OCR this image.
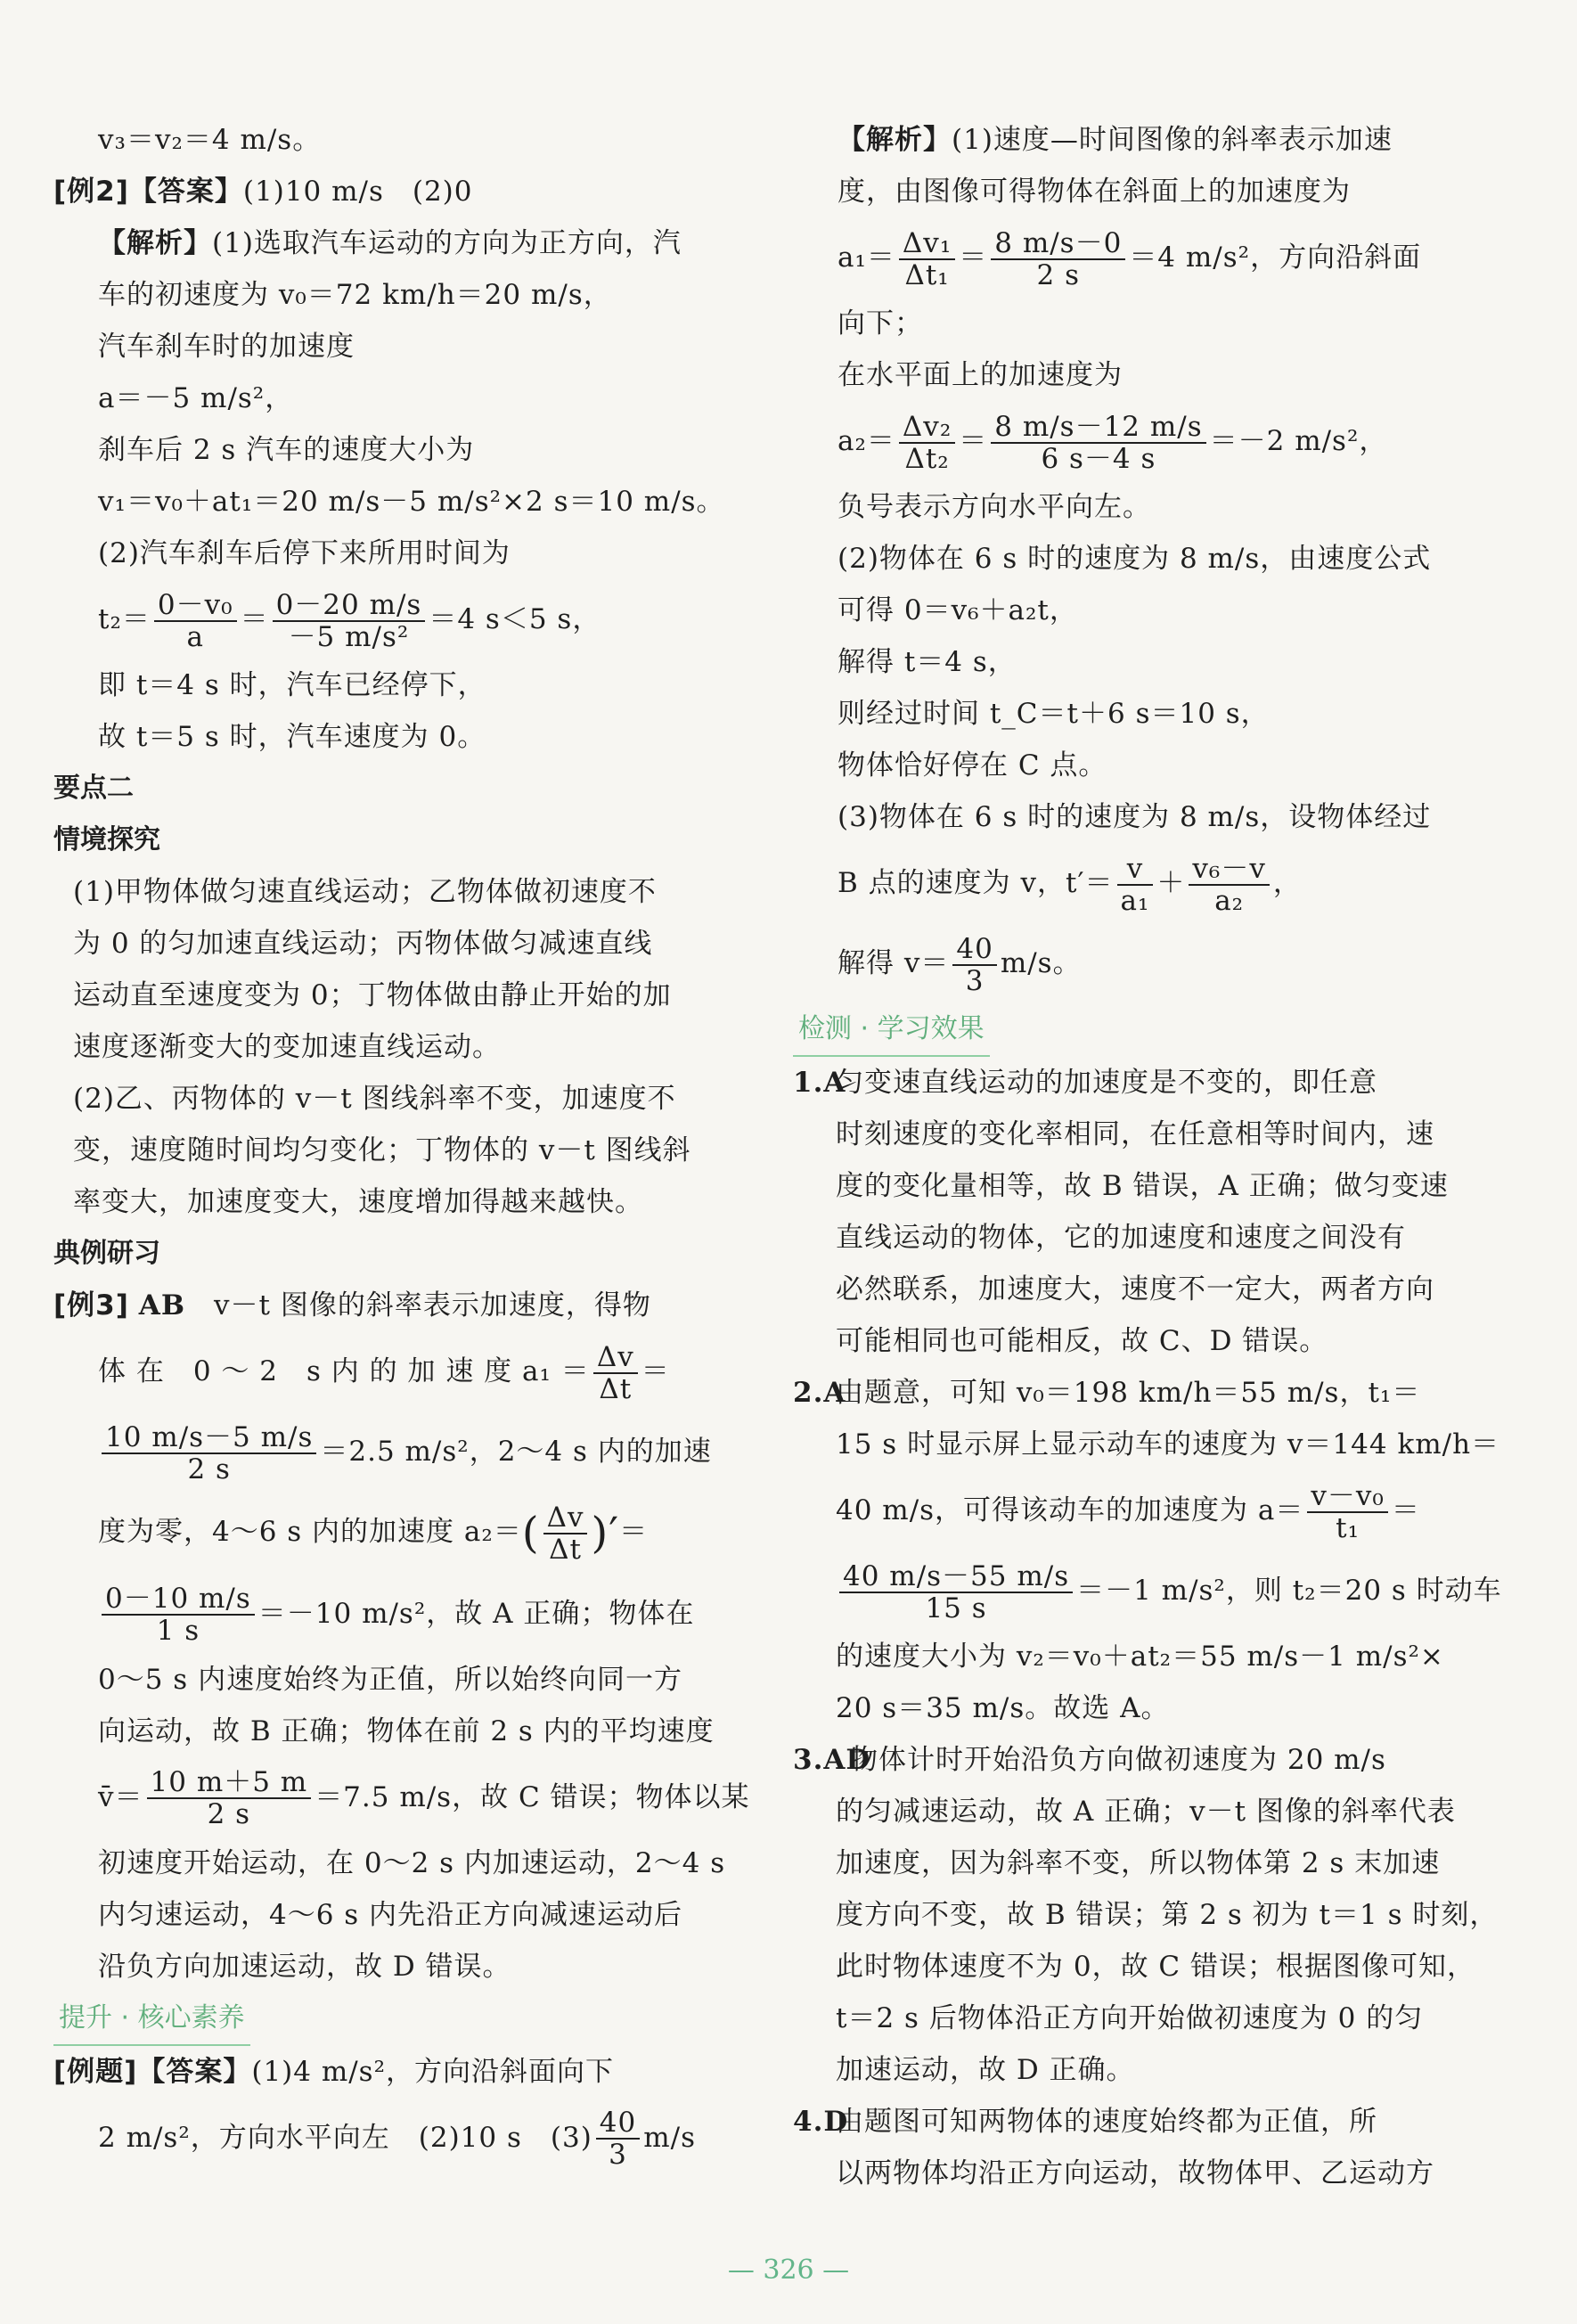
v₃＝v₂＝4 m/s。
[例2]【答案】(1)10 m/s　(2)0
【解析】(1)选取汽车运动的方向为正方向，汽
车的初速度为 v₀＝72 km/h＝20 m/s，
汽车刹车时的加速度
a＝－5 m/s²，
刹车后 2 s 汽车的速度大小为
v₁＝v₀＋at₁＝20 m/s－5 m/s²×2 s＝10 m/s。
(2)汽车刹车后停下来所用时间为
$t_2= \frac{\text{0－v₀}}{a} = \frac{0-20 m/s}{\text{－5 m/s²}} =4$ s＜5 s，
即 t＝4 s 时，汽车已经停下，
故 t＝5 s 时，汽车速度为 0。
要点二
情境探究
(1)甲物体做匀速直线运动；乙物体做初速度不
为 0 的匀加速直线运动；丙物体做匀减速直线
运动直至速度变为 0；丁物体做由静止开始的加
速度逐渐变大的变加速直线运动。
(2)乙、丙物体的 v－t 图线斜率不变，加速度不
变，速度随时间均匀变化；丁物体的 v－t 图线斜
率变大，加速度变大，速度增加得越来越快。
典例研习
[例3] AB　 v－t 图像的斜率表示加速度，得物
体 在　0 ～ 2　s 内 的 加 速 度 $a_1 = \frac{\Delta v}{\Delta t}$ ＝
$\frac{10 m/s-5 m/s}{2 s} =2.5$ m/s²，2～4 s 内的加速
度为零，4～6 s 内的加速度 $a_2=( \frac{\Delta v}{\Delta t}$ )′＝
$\frac{0-10 m/s}{1 s} =-10$ m/s²，故 A 正确；物体在
0～5 s 内速度始终为正值，所以始终向同一方
向运动，故 B 正确；物体在前 2 s 内的平均速度
v̄＝ $\frac{10 m+5 m}{2 s} =7.5$ m/s，故 C 错误；物体以某
初速度开始运动，在 0～2 s 内加速运动，2～4 s
内匀速运动，4～6 s 内先沿正方向减速运动后
沿负方向加速运动，故 D 错误。
提升 · 核心素养
[例题]【答案】(1)4 m/s²，方向沿斜面向下
2 m/s²，方向水平向左　(2)10 s　$(3) \frac{40}{3} m/s$
【解析】(1)速度—时间图像的斜率表示加速
度，由图像可得物体在斜面上的加速度为
$a_1= \frac{\text{Δv₁}}{\text{Δt₁}} = \frac{8 m/s-0}{2 s} =4$ m/s²，方向沿斜面
向下；
在水平面上的加速度为
$a_2= \frac{\text{Δv₂}}{\text{Δt₂}} = \frac{8 m/s-12 m/s}{6 s-4 s} =-2$ m/s²，
负号表示方向水平向左。
(2)物体在 6 s 时的速度为 8 m/s，由速度公式
可得 0＝v₆＋a₂t，
解得 t＝4 s，
则经过时间 t_C＝t＋6 s＝10 s，
物体恰好停在 C 点。
(3)物体在 6 s 时的速度为 8 m/s，设物体经过
B 点的速度为 v，$t'= \frac{v}{\text{a₁}} + \frac{\text{v₆－v}}{\text{a₂}}$ ，
解得 $v= \frac{40}{3} m/s$。
检测 · 学习效果
1.A匀变速直线运动的加速度是不变的，即任意
时刻速度的变化率相同，在任意相等时间内，速
度的变化量相等，故 B 错误，A 正确；做匀变速
直线运动的物体，它的加速度和速度之间没有
必然联系，加速度大，速度不一定大，两者方向
可能相同也可能相反，故 C、D 错误。
2.A由题意，可知 v₀＝198 km/h＝55 m/s，t₁＝
15 s 时显示屏上显示动车的速度为 v＝144 km/h＝
40 m/s，可得该动车的加速度为 $a= \frac{\text{v－v₀}}{\text{t₁}}$ ＝
$\frac{40 m/s-55 m/s}{15 s} =-1$ m/s²，则 t₂＝20 s 时动车
的速度大小为 v₂＝v₀＋at₂＝55 m/s－1 m/s²×
20 s＝35 m/s。故选 A。
3.AD物体计时开始沿负方向做初速度为 20 m/s
的匀减速运动，故 A 正确；v－t 图像的斜率代表
加速度，因为斜率不变，所以物体第 2 s 末加速
度方向不变，故 B 错误；第 2 s 初为 t＝1 s 时刻，
此时物体速度不为 0，故 C 错误；根据图像可知，
t＝2 s 后物体沿正方向开始做初速度为 0 的匀
加速运动，故 D 正确。
4.D由题图可知两物体的速度始终都为正值，所
以两物体均沿正方向运动，故物体甲、乙运动方
— 326 —
